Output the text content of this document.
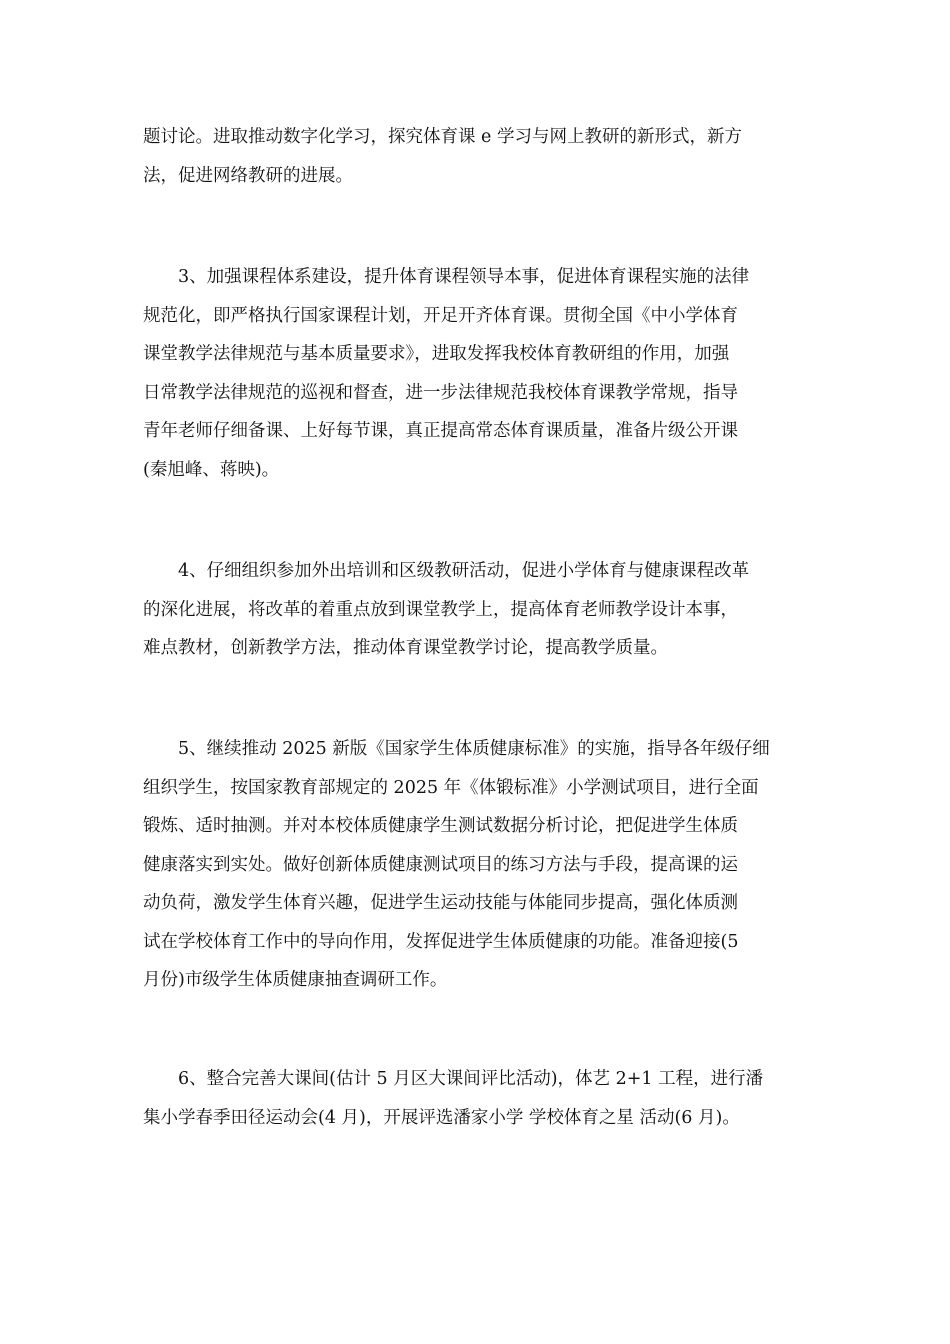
题讨论。进取推动数字化学习，探究体育课 e 学习与网上教研的新形式，新方
法，促进网络教研的进展。

　　3、加强课程体系建设，提升体育课程领导本事，促进体育课程实施的法律
规范化，即严格执行国家课程计划，开足开齐体育课。贯彻全国《中小学体育
课堂教学法律规范与基本质量要求》，进取发挥我校体育教研组的作用，加强
日常教学法律规范的巡视和督查，进一步法律规范我校体育课教学常规，指导
青年老师仔细备课、上好每节课，真正提高常态体育课质量，准备片级公开课
(秦旭峰、蒋映)。

　　4、仔细组织参加外出培训和区级教研活动，促进小学体育与健康课程改革
的深化进展，将改革的着重点放到课堂教学上，提高体育老师教学设计本事，
难点教材，创新教学方法，推动体育课堂教学讨论，提高教学质量。

　　5、继续推动 2025 新版《国家学生体质健康标准》的实施，指导各年级仔细
组织学生，按国家教育部规定的 2025 年《体锻标准》小学测试项目，进行全面
锻炼、适时抽测。并对本校体质健康学生测试数据分析讨论，把促进学生体质
健康落实到实处。做好创新体质健康测试项目的练习方法与手段，提高课的运
动负荷，激发学生体育兴趣，促进学生运动技能与体能同步提高，强化体质测
试在学校体育工作中的导向作用，发挥促进学生体质健康的功能。准备迎接(5
月份)市级学生体质健康抽查调研工作。

　　6、整合完善大课间(估计 5 月区大课间评比活动)，体艺 2+1 工程，进行潘
集小学春季田径运动会(4 月)，开展评选潘家小学 学校体育之星 活动(6 月)。
